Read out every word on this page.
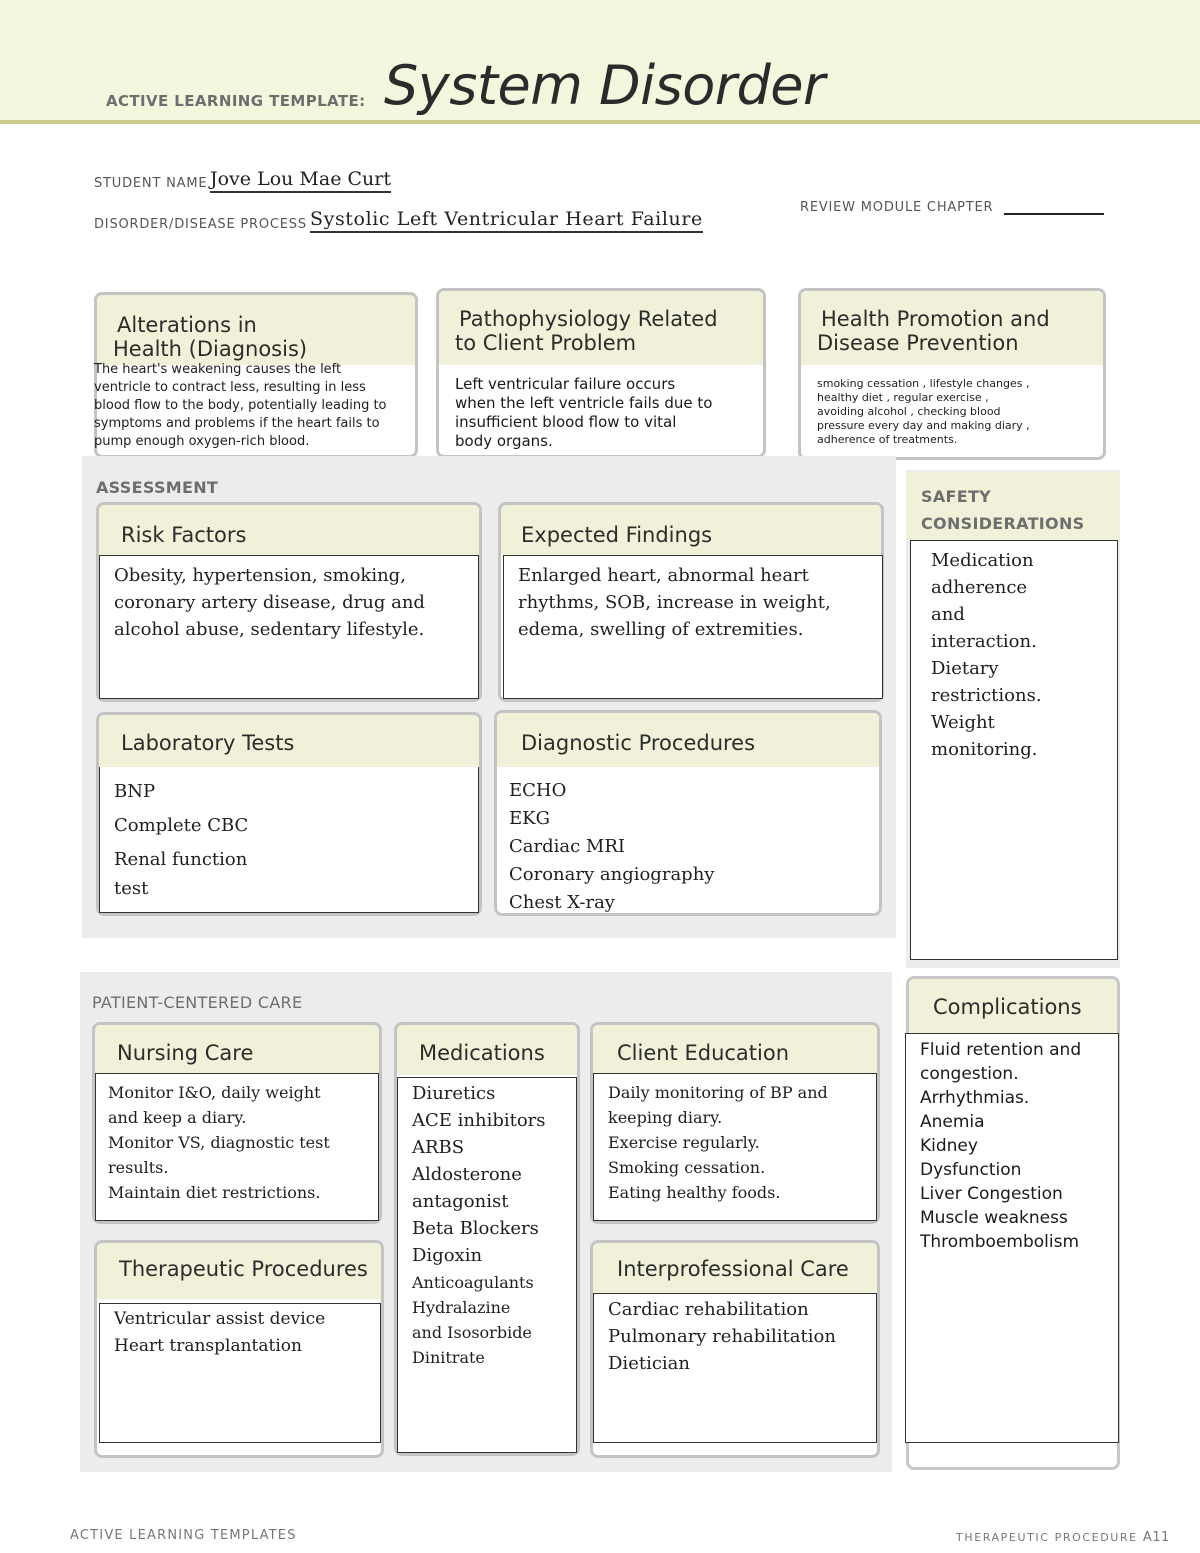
ACTIVE LEARNING TEMPLATE: System Disorder
STUDENT NAME Jove Lou Mae Curt
DISORDER/DISEASE PROCESS Systolic Left Ventricular Heart Failure
REVIEW MODULE CHAPTER
Alterations in
Health (Diagnosis)
The heart's weakening causes the left
ventricle to contract less, resulting in less
blood flow to the body, potentially leading to
symptoms and problems if the heart fails to
pump enough oxygen-rich blood.
Pathophysiology Related
to Client Problem
Left ventricular failure occurs
when the left ventricle fails due to
insufficient blood flow to vital
body organs.
Health Promotion and
Disease Prevention
smoking cessation , lifestyle changes ,
healthy diet , regular exercise ,
avoiding alcohol , checking blood
pressure every day and making diary ,
adherence of treatments.
ASSESSMENT
Risk Factors
Obesity, hypertension, smoking,
coronary artery disease, drug and
alcohol abuse, sedentary lifestyle.
Expected Findings
Enlarged heart, abnormal heart
rhythms, SOB, increase in weight,
edema, swelling of extremities.
Laboratory Tests
BNP
Complete CBC
Renal function
test
Diagnostic Procedures
ECHO
EKG
Cardiac MRI
Coronary angiography
Chest X-ray
SAFETY
CONSIDERATIONS
Medication
adherence
and
interaction.
Dietary
restrictions.
Weight
monitoring.
PATIENT-CENTERED CARE
Nursing Care
Monitor I&O, daily weight
and keep a diary.
Monitor VS, diagnostic test
results.
Maintain diet restrictions.
Medications
Diuretics
ACE inhibitors
ARBS
Aldosterone
antagonist
Beta Blockers
Digoxin
Anticoagulants
Hydralazine
and Isosorbide
Dinitrate
Client Education
Daily monitoring of BP and
keeping diary.
Exercise regularly.
Smoking cessation.
Eating healthy foods.
Therapeutic Procedures
Ventricular assist device
Heart transplantation
Interprofessional Care
Cardiac rehabilitation
Pulmonary rehabilitation
Dietician
Complications
Fluid retention and
congestion.
Arrhythmias.
Anemia
Kidney
Dysfunction
Liver Congestion
Muscle weakness
Thromboembolism
ACTIVE LEARNING TEMPLATES	THERAPEUTIC PROCEDURE A11
